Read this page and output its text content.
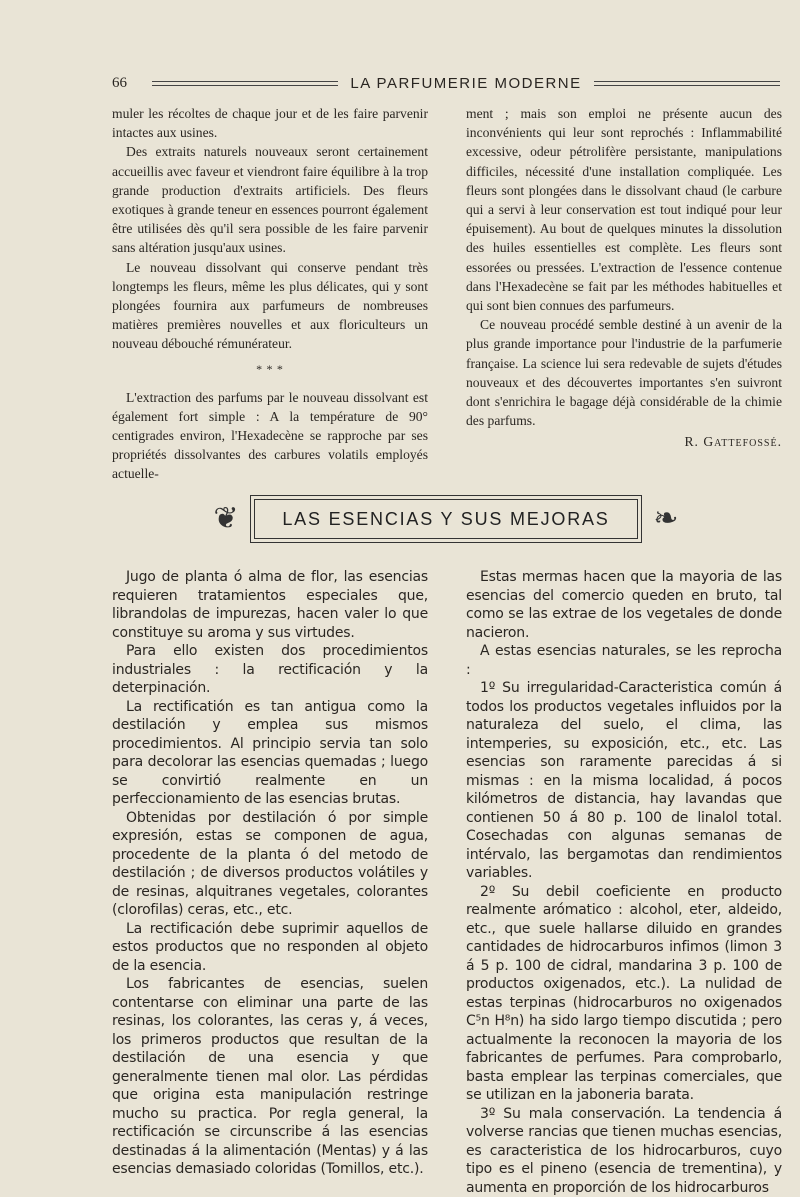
66	LA PARFUMERIE MODERNE

muler les récoltes de chaque jour et de les faire parvenir intactes aux usines.

Des extraits naturels nouveaux seront certainement accueillis avec faveur et viendront faire équilibre à la trop grande production d'extraits artificiels. Des fleurs exotiques à grande teneur en essences pourront également être utilisées dès qu'il sera possible de les faire parvenir sans altération jusqu'aux usines.

Le nouveau dissolvant qui conserve pendant très longtemps les fleurs, même les plus délicates, qui y sont plongées fournira aux parfumeurs de nombreuses matières premières nouvelles et aux floriculteurs un nouveau débouché rémunérateur.

* * *

L'extraction des parfums par le nouveau dissolvant est également fort simple : A la température de 90° centigrades environ, l'Hexadecène se rapproche par ses propriétés dissolvantes des carbures volatils employés actuelle-

ment ; mais son emploi ne présente aucun des inconvénients qui leur sont reprochés : Inflammabilité excessive, odeur pétrolifère persistante, manipulations difficiles, nécessité d'une installation compliquée. Les fleurs sont plongées dans le dissolvant chaud (le carbure qui a servi à leur conservation est tout indiqué pour leur épuisement). Au bout de quelques minutes la dissolution des huiles essentielles est complète. Les fleurs sont essorées ou pressées. L'extraction de l'essence contenue dans l'Hexadecène se fait par les méthodes habituelles et qui sont bien connues des parfumeurs.

Ce nouveau procédé semble destiné à un avenir de la plus grande importance pour l'industrie de la parfumerie française. La science lui sera redevable de sujets d'études nouveaux et des découvertes importantes s'en suivront dont s'enrichira le bagage déjà considérable de la chimie des parfums.

R. Gattefossé.
❦	LAS ESENCIAS Y SUS MEJORAS ❧

Jugo de planta ó alma de flor, las esencias requieren tratamientos especiales que, librandolas de impurezas, hacen valer lo que constituye su aroma y sus virtudes.

Para ello existen dos procedimientos industriales : la rectificación y la deterpinación.

La rectificatión es tan antigua como la destilación y emplea sus mismos procedimientos. Al principio servia tan solo para decolorar las esencias quemadas ; luego se convirtió realmente en un perfeccionamiento de las esencias brutas.

Obtenidas por destilación ó por simple expresión, estas se componen de agua, procedente de la planta ó del metodo de destilación ; de diversos productos volátiles y de resinas, alquitranes vegetales, colorantes (clorofilas) ceras, etc., etc.

La rectificación debe suprimir aquellos de estos productos que no responden al objeto de la esencia.

Los fabricantes de esencias, suelen contentarse con eliminar una parte de las resinas, los colorantes, las ceras y, á veces, los primeros productos que resultan de la destilación de una esencia y que generalmente tienen mal olor. Las pérdidas que origina esta manipulación restringe mucho su practica. Por regla general, la rectificación se circunscribe á las esencias destinadas á la alimentación (Mentas) y á las esencias demasiado coloridas (Tomillos, etc.).

Estas mermas hacen que la mayoria de las esencias del comercio queden en bruto, tal como se las extrae de los vegetales de donde nacieron.

A estas esencias naturales, se les reprocha :

1º Su irregularidad-Caracteristica común á todos los productos vegetales influidos por la naturaleza del suelo, el clima, las intemperies, su exposición, etc., etc. Las esencias son raramente parecidas á si mismas : en la misma localidad, á pocos kilómetros de distancia, hay lavandas que contienen 50 á 80 p. 100 de linalol total. Cosechadas con algunas semanas de intérvalo, las bergamotas dan rendimientos variables.

2º Su debil coeficiente en producto realmente arómatico : alcohol, eter, aldeido, etc., que suele hallarse diluido en grandes cantidades de hidrocarburos infimos (limon 3 á 5 p. 100 de cidral, mandarina 3 p. 100 de productos oxigenados, etc.). La nulidad de estas terpinas (hidrocarburos no oxigenados C⁵n H⁸n) ha sido largo tiempo discutida ; pero actualmente la reconocen la mayoria de los fabricantes de perfumes. Para comprobarlo, basta emplear las terpinas comerciales, que se utilizan en la jaboneria barata.

3º Su mala conservación. La tendencia á volverse rancias que tienen muchas esencias, es caracteristica de los hidrocarburos, cuyo tipo es el pineno (esencia de trementina), y aumenta en proporción de los hidrocarburos
